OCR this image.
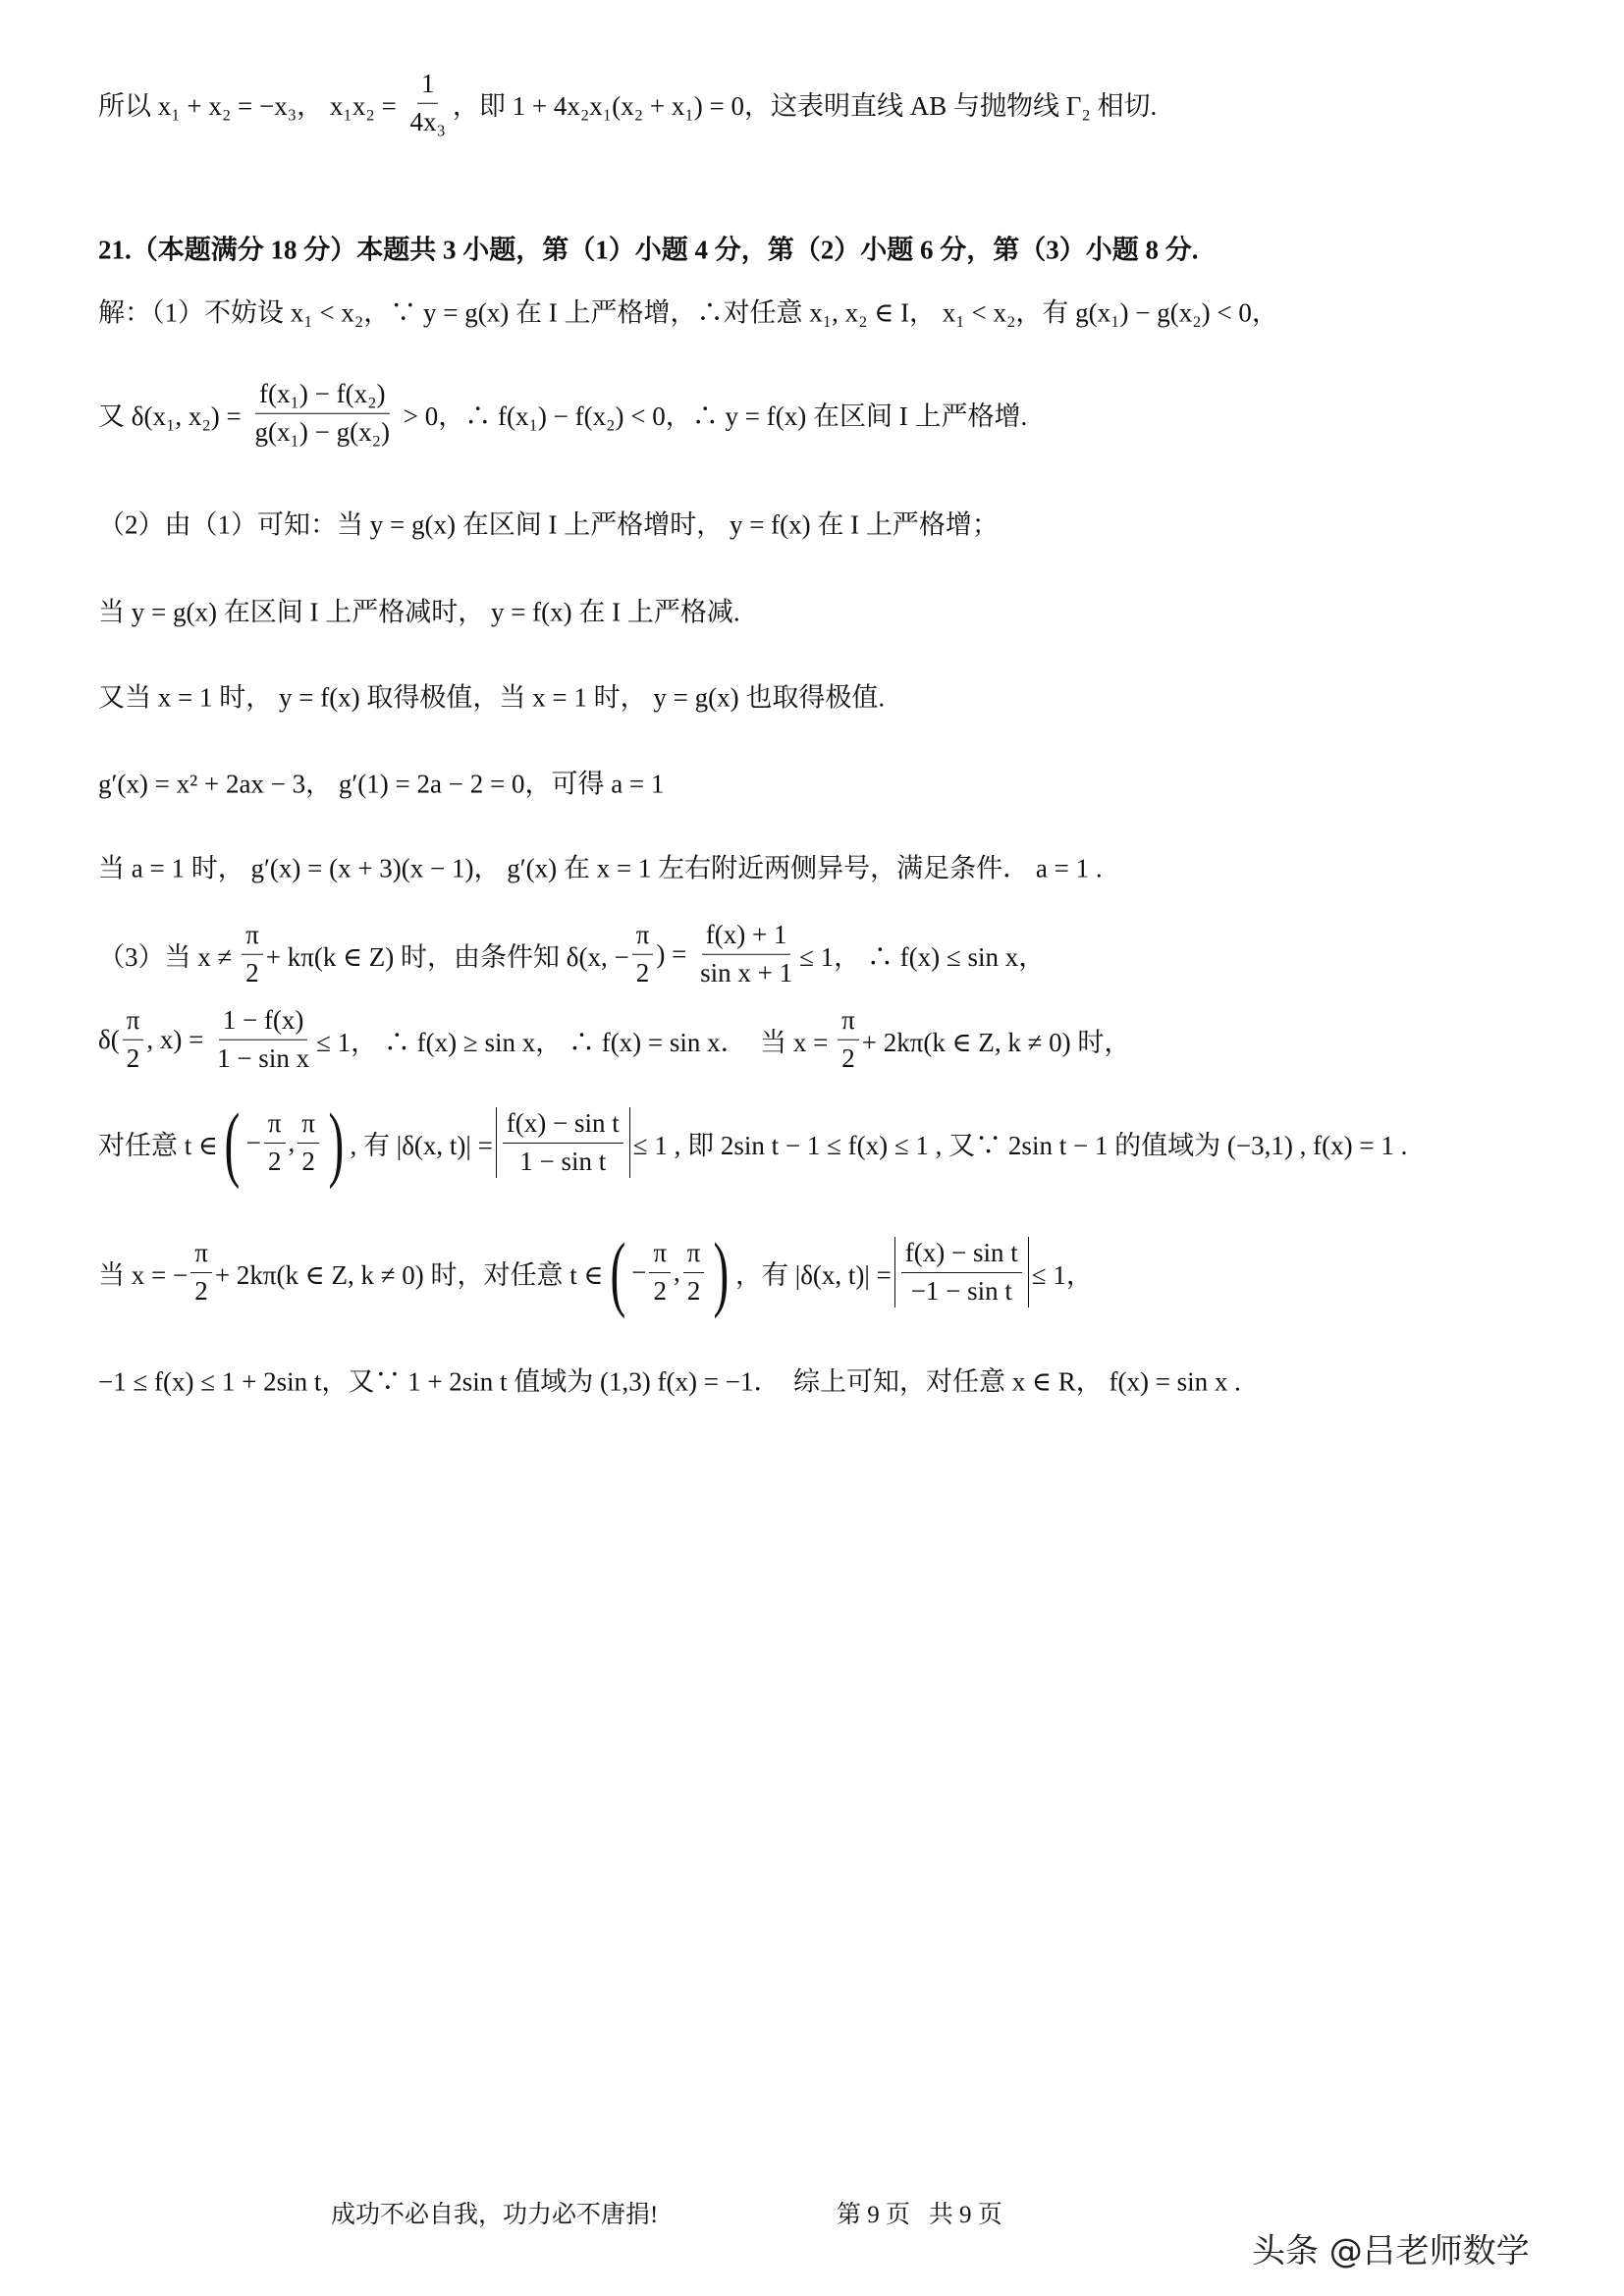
所以 x₁ + x₂ = −x₃， $x_1x_2 = \frac{1}{\text{4x₃}}$ ，即 1 + 4x₂x₁(x₂ + x₁) = 0，这表明直线 AB 与抛物线 Γ₂ 相切.
21.（本题满分 18 分）本题共 3 小题，第（1）小题 4 分，第（2）小题 6 分，第（3）小题 8 分.
解：（1）不妨设 x₁ < x₂，∵ y = g(x) 在 I 上严格增，∴对任意 x₁, x₂ ∈ I， x₁ < x₂，有 g(x₁) − g(x₂) < 0，
又 δ(x₁, $x_2) = \frac{\text{f(x₁) − f(x₂)}}{\text{g(x₁) − g(x₂)}} > 0$，∴ f(x₁) − f(x₂) < 0，∴ y = f(x) 在区间 I 上严格增.
（2）由（1）可知：当 y = g(x) 在区间 I 上严格增时， y = f(x) 在 I 上严格增；
当 y = g(x) 在区间 I 上严格减时， y = f(x) 在 I 上严格减.
又当 x = 1 时， y = f(x) 取得极值，当 x = 1 时， y = g(x) 也取得极值.
g′(x) = x² + 2ax − 3， g′(1) = 2a − 2 = 0，可得 a = 1
当 a = 1 时， g′(x) = (x + 3)(x − 1)， g′(x) 在 x = 1 左右附近两侧异号，满足条件． a = 1 .
（3）当 $x \ne \frac{\pi}{2} + k\pi(k$ ∈ Z) 时，由条件知 δ(x, − $\frac{\pi}{2}$ ) = $\frac{f(x) + 1}{\text{sin x + 1}} \le 1$， ∴ f(x) ≤ sin x，
$\delta( \frac{\pi}{2}$ , $x) = \frac{1 - f(x)}{\text{1 − sin x}} \le 1$， ∴ f(x) ≥ sin x， ∴ f(x) = sin x．  当 $x = \frac{\pi}{2} + 2k\pi(k$ ∈ Z, k ≠ 0) 时，
对任意 t ∈ ( − $\frac{\pi}{2}$ , $\frac{\pi}{2}$ ) , 有 |δ(x, $t)| = \frac{\text{f(x) − sin t}}{\text{1 − sin t}} \le 1$ , 即 2sin t − 1 ≤ f(x) ≤ 1 , 又∵ 2sin t − 1 的值域为 (−3,1) , f(x) = 1 .
当 x = − $\frac{\pi}{2} + 2k\pi(k$ ∈ Z, k ≠ 0) 时，对任意 t ∈ ( − $\frac{\pi}{2}$ , $\frac{\pi}{2}$ ) ，有 |δ(x, $t)| = \frac{\text{f(x) − sin t}}{\text{−1 − sin t}} \le 1$，
−1 ≤ f(x) ≤ 1 + 2sin t，又∵ 1 + 2sin t 值域为 (1,3) f(x) = −1．  综上可知，对任意 x ∈ R， f(x) = sin x .
成功不必自我，功力必不唐捐!	第 9 页   共 9 页
头条 @吕老师数学
